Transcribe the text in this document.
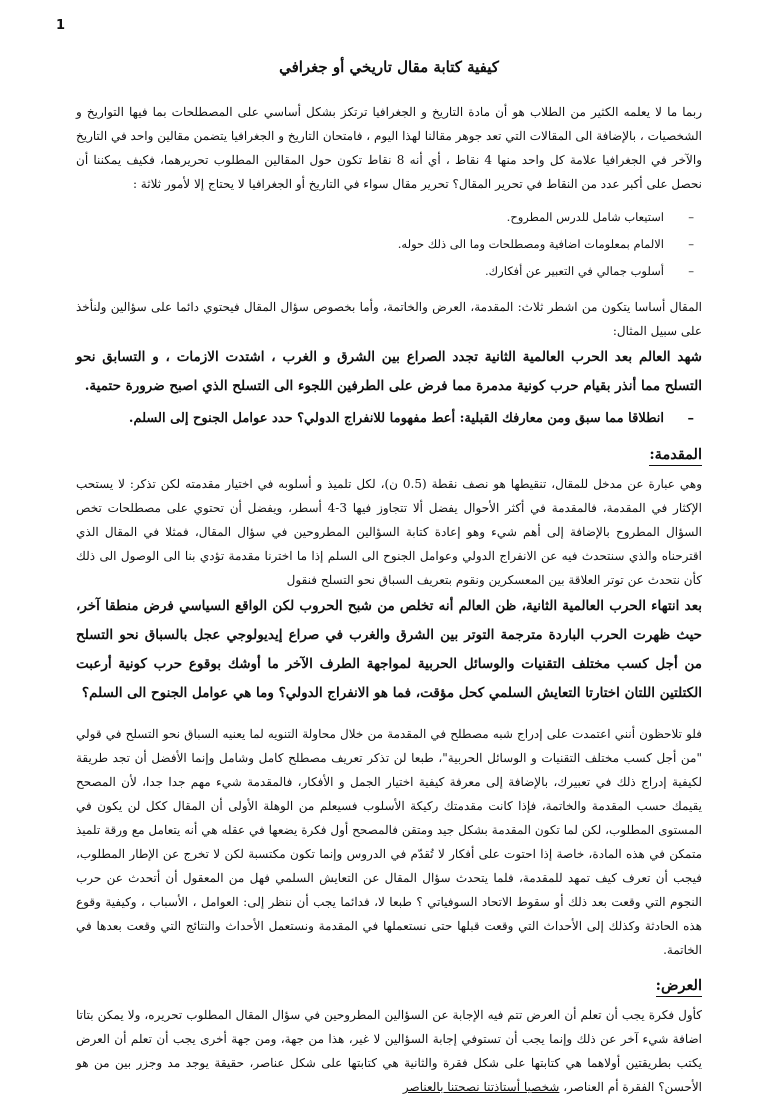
1
كيفية كتابة مقال تاريخي أو جغرافي

ربما ما لا يعلمه الكثير من الطلاب هو أن مادة التاريخ و الجغرافيا ترتكز بشكل أساسي على المصطلحات بما فيها التواريخ و الشخصيات ، بالإضافة الى المقالات التي تعد جوهر مقالنا لهذا اليوم ، فامتحان التاريخ و الجغرافيا يتضمن مقالين واحد في التاريخ والآخر في الجغرافيا علامة كل واحد منها 4 نقاط ، أي أنه 8 نقاط تكون حول المقالين المطلوب تحريرهما، فكيف يمكننا أن نحصل على أكبر عدد من النقاط في تحرير المقال؟ تحرير مقال سواء في التاريخ أو الجغرافيا لا يحتاج إلا لأمور ثلاثة :

–
استيعاب شامل للدرس المطروح.
–
الالمام بمعلومات اضافية ومصطلحات وما الى ذلك حوله.
–
أسلوب جمالي في التعبير عن أفكارك.

المقال أساسا يتكون من اشطر ثلاث: المقدمة، العرض والخاتمة، وأما بخصوص سؤال المقال فيحتوي دائما على سؤالين ولنأخذ على سبيل المثال:

شهد العالم بعد الحرب العالمية الثانية تجدد الصراع بين الشرق و الغرب ، اشتدت الازمات ، و التسابق نحو التسلح مما أنذر بقيام حرب كونية مدمرة مما فرض على الطرفين اللجوء الى التسلح الذي اصبح ضرورة حتمية.

–
انطلاقا مما سبق ومن معارفك القبلية: أعط مفهوما للانفراج الدولي؟ حدد عوامل الجنوح إلى السلم.
المقدمة:

وهي عبارة عن مدخل للمقال، تنقيطها هو نصف نقطة (0.5 ن)، لكل تلميذ و أسلوبه في اختيار مقدمته لكن تذكر: لا يستحب الإكثار في المقدمة، فالمقدمة في أكثر الأحوال يفضل ألا تتجاوز فيها 3-4 أسطر، ويفضل أن تحتوي على مصطلحات تخص السؤال المطروح بالإضافة إلى أهم شيء وهو إعادة كتابة السؤالين المطروحين في سؤال المقال، فمثلا في المقال الذي اقترحناه والذي سنتحدث فيه عن الانفراج الدولي وعوامل الجنوح الى السلم إذا ما اخترنا مقدمة تؤدي بنا الى الوصول الى ذلك كأن نتحدث عن توتر العلاقة بين المعسكرين ونقوم بتعريف السباق نحو التسلح فنقول

بعد انتهاء الحرب العالمية الثانية، ظن العالم أنه تخلص من شبح الحروب لكن الواقع السياسي فرض منطقا آخر، حيث ظهرت الحرب الباردة مترجمة التوتر بين الشرق والغرب في صراع إيديولوجي عجل بالسباق نحو التسلح من أجل كسب مختلف التقنيات والوسائل الحربية لمواجهة الطرف الآخر ما أوشك بوقوع حرب كونية أرعبت الكتلتين اللتان اختارتا التعايش السلمي كحل مؤقت، فما هو الانفراج الدولي؟ وما هي عوامل الجنوح الى السلم؟

فلو تلاحظون أنني اعتمدت على إدراج شبه مصطلح في المقدمة من خلال محاولة التنويه لما يعنيه السباق نحو التسلح في قولي "من أجل كسب مختلف التقنيات و الوسائل الحربية"، طبعا لن تذكر تعريف مصطلح كامل وشامل وإنما الأفضل أن تجد طريقة لكيفية إدراج ذلك في تعبيرك، بالإضافة إلى معرفة كيفية اختيار الجمل و الأفكار، فالمقدمة شيء مهم جدا جدا، لأن المصحح يقيمك حسب المقدمة والخاتمة، فإذا كانت مقدمتك ركيكة الأسلوب فسيعلم من الوهلة الأولى أن المقال ككل لن يكون في المستوى المطلوب، لكن لما تكون المقدمة بشكل جيد ومتقن فالمصحح أول فكرة يضعها في عقله هي أنه يتعامل مع ورقة تلميذ متمكن في هذه المادة، خاصة إذا احتوت على أفكار لا تُقدّم في الدروس وإنما تكون مكتسبة لكن لا تخرج عن الإطار المطلوب، فيجب أن تعرف كيف تمهد للمقدمة، فلما يتحدث سؤال المقال عن التعايش السلمي فهل من المعقول أن أتحدث عن حرب النجوم التي وقعت بعد ذلك أو سقوط الاتحاد السوفياتي ؟ طبعا لا، فدائما يجب أن ننظر إلى: العوامل ، الأسباب ، وكيفية وقوع هذه الحادثة وكذلك إلى الأحداث التي وقعت قبلها حتى نستعملها في المقدمة ونستعمل الأحداث والنتائج التي وقعت بعدها في الخاتمة.

العرض:

كأول فكرة يجب أن تعلم أن العرض تتم فيه الإجابة عن السؤالين المطروحين في سؤال المقال المطلوب تحريره، ولا يمكن بتاتا اضافة شيء آخر عن ذلك وإنما يجب أن تستوفي إجابة السؤالين لا غير، هذا من جهة، ومن جهة أخرى يجب أن تعلم أن العرض يكتب بطريقتين أولاهما هي كتابتها على شكل فقرة والثانية هي كتابتها على شكل عناصر، حقيقة يوجد مد وجزر بين من هو الأحسن؟ الفقرة أم العناصر، شخصيا أستاذتنا نصحتنا بالعناصر
